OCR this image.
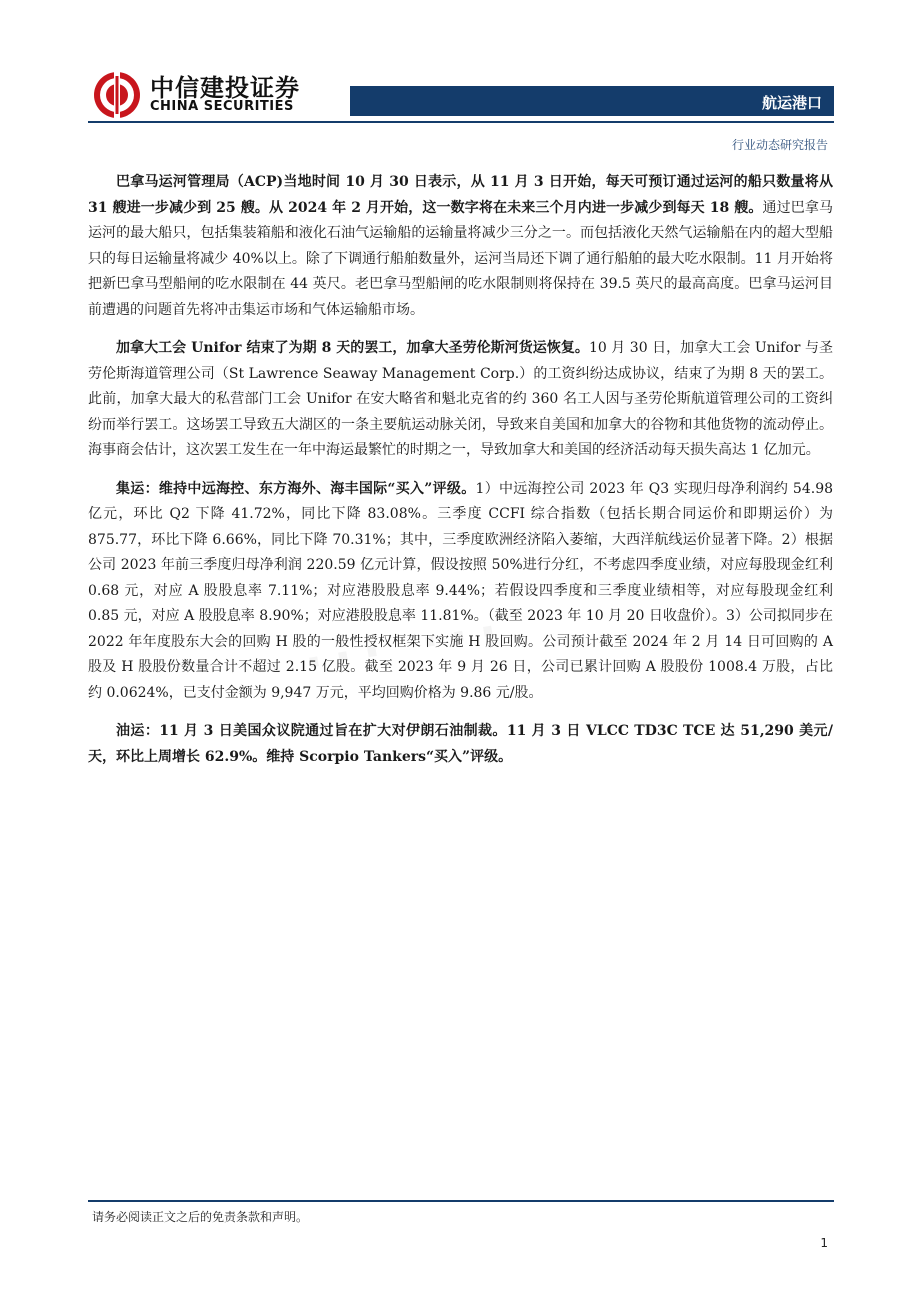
中信建投证券
CHINA SECURITIES	航运港口
行业动态研究报告

巴拿马运河管理局（ACP)当地时间 10 月 30 日表示，从 11 月 3 日开始，每天可预订通过运河的船只数量将从 31 艘进一步减少到 25 艘。从 2024 年 2 月开始，这一数字将在未来三个月内进一步减少到每天 18 艘。通过巴拿马运河的最大船只，包括集装箱船和液化石油气运输船的运输量将减少三分之一。而包括液化天然气运输船在内的超大型船只的每日运输量将减少 40%以上。除了下调通行船舶数量外，运河当局还下调了通行船舶的最大吃水限制。11 月开始将把新巴拿马型船闸的吃水限制在 44 英尺。老巴拿马型船闸的吃水限制则将保持在 39.5 英尺的最高高度。巴拿马运河目前遭遇的问题首先将冲击集运市场和气体运输船市场。

加拿大工会 Unifor 结束了为期 8 天的罢工，加拿大圣劳伦斯河货运恢复。10 月 30 日，加拿大工会 Unifor 与圣劳伦斯海道管理公司（St Lawrence Seaway Management Corp.）的工资纠纷达成协议，结束了为期 8 天的罢工。此前，加拿大最大的私营部门工会 Unifor 在安大略省和魁北克省的约 360 名工人因与圣劳伦斯航道管理公司的工资纠纷而举行罢工。这场罢工导致五大湖区的一条主要航运动脉关闭，导致来自美国和加拿大的谷物和其他货物的流动停止。海事商会估计，这次罢工发生在一年中海运最繁忙的时期之一，导致加拿大和美国的经济活动每天损失高达 1 亿加元。

集运：维持中远海控、东方海外、海丰国际“买入”评级。1）中远海控公司 2023 年 Q3 实现归母净利润约 54.98 亿元，环比 Q2 下降 41.72%，同比下降 83.08%。三季度 CCFI 综合指数（包括长期合同运价和即期运价）为 875.77，环比下降 6.66%，同比下降 70.31%；其中，三季度欧洲经济陷入萎缩，大西洋航线运价显著下降。2）根据公司 2023 年前三季度归母净利润 220.59 亿元计算，假设按照 50%进行分红，不考虑四季度业绩，对应每股现金红利 0.68 元，对应 A 股股息率 7.11%；对应港股股息率 9.44%；若假设四季度和三季度业绩相等，对应每股现金红利 0.85 元，对应 A 股股息率 8.90%；对应港股股息率 11.81%。（截至 2023 年 10 月 20 日收盘价）。3）公司拟同步在 2022 年年度股东大会的回购 H 股的一般性授权框架下实施 H 股回购。公司预计截至 2024 年 2 月 14 日可回购的 A 股及 H 股股份数量合计不超过 2.15 亿股。截至 2023 年 9 月 26 日，公司已累计回购 A 股股份 1008.4 万股，占比约 0.0624%，已支付金额为 9,947 万元，平均回购价格为 9.86 元/股。

油运：11 月 3 日美国众议院通过旨在扩大对伊朗石油制裁。11 月 3 日 VLCC TD3C TCE 达 51,290 美元/天，环比上周增长 62.9%。维持 Scorpio Tankers“买入”评级。

请务必阅读正文之后的免责条款和声明。
1
